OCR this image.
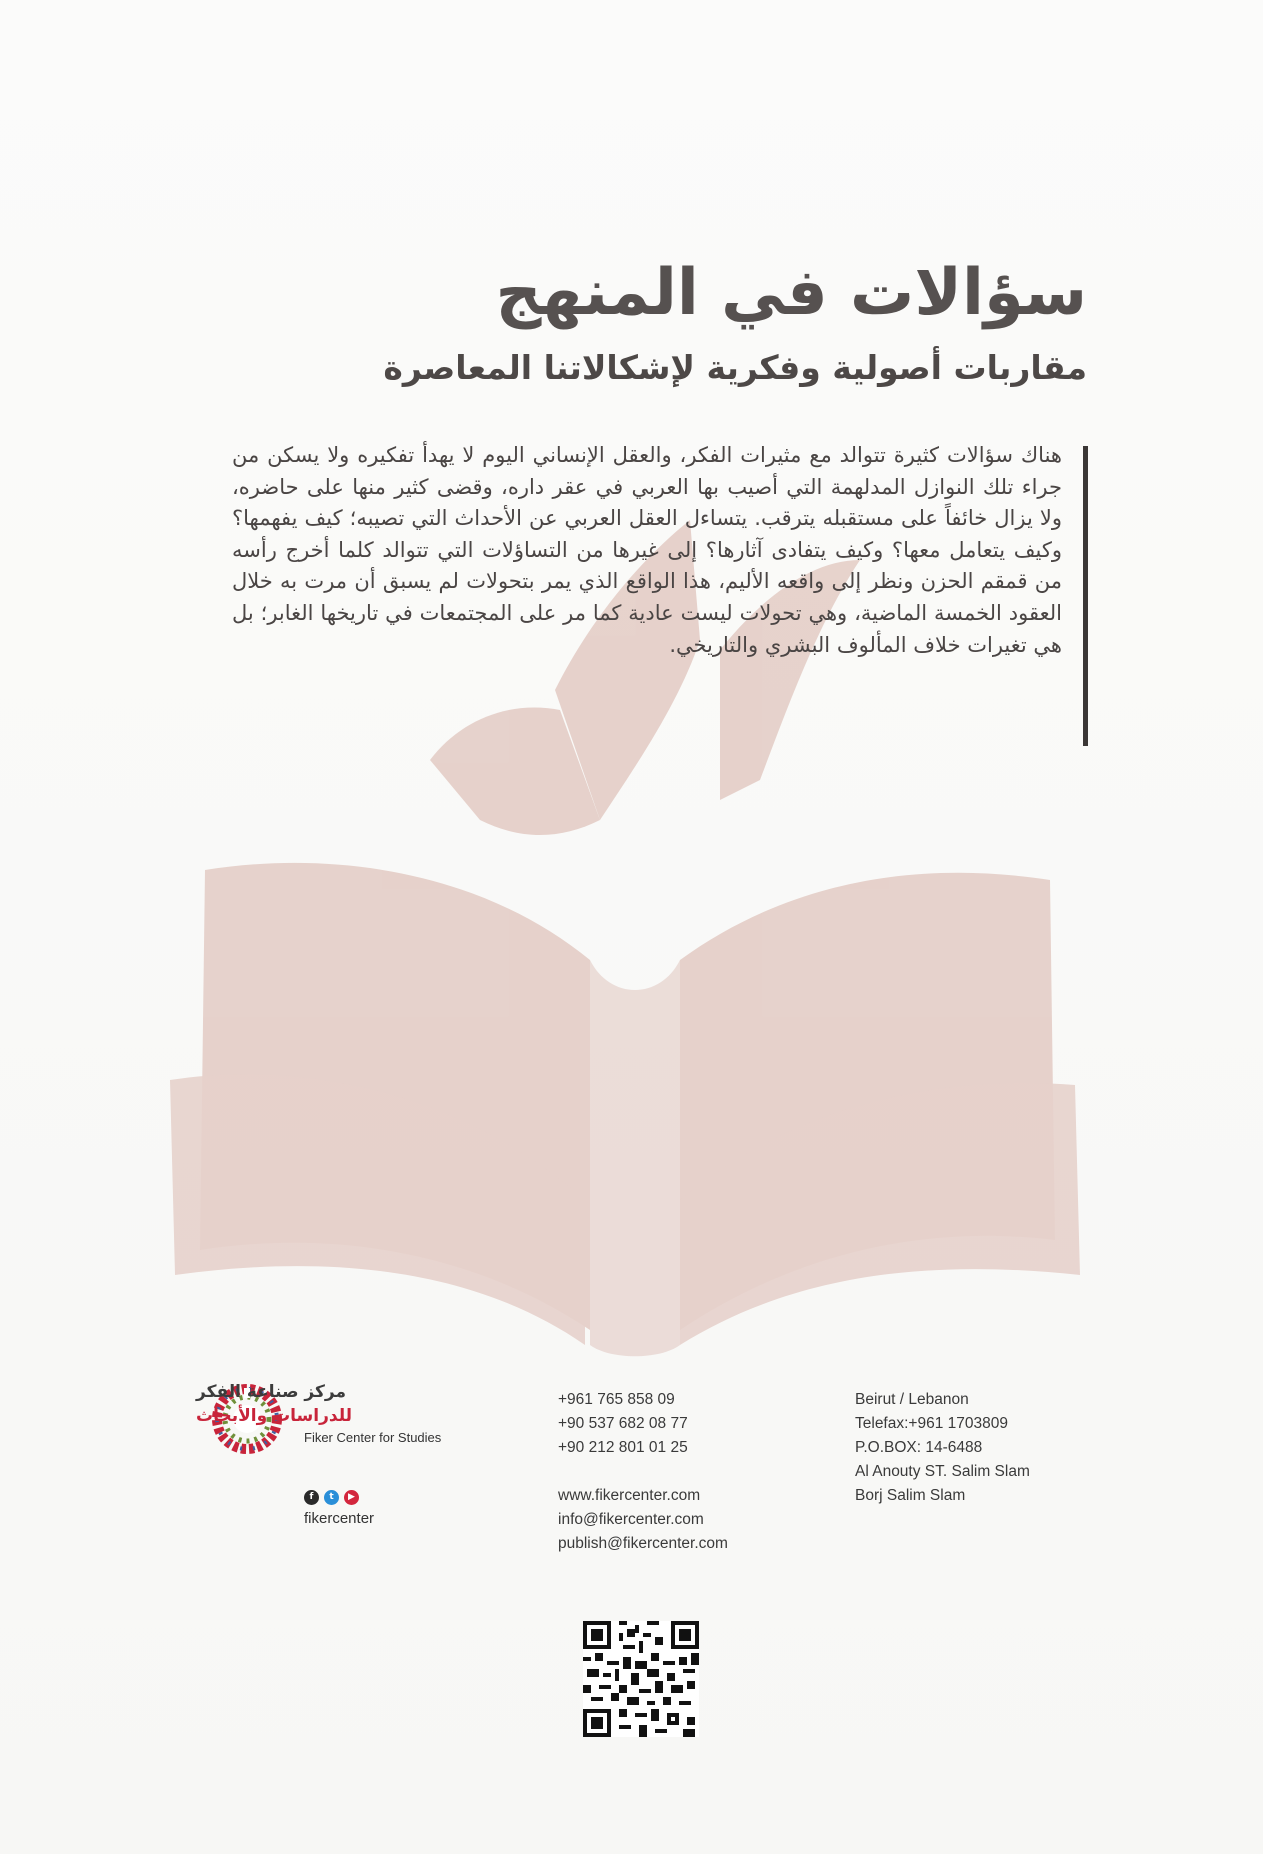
سؤالات في المنهج
مقاربات أصولية وفكرية لإشكالاتنا المعاصرة

هناك سؤالات كثيرة تتوالد مع مثيرات الفكر، والعقل الإنساني اليوم لا يهدأ تفكيره ولا يسكن من جراء تلك النوازل المدلهمة التي أصيب بها العربي في عقر داره، وقضى كثير منها على حاضره، ولا يزال خائفاً على مستقبله يترقب. يتساءل العقل العربي عن الأحداث التي تصيبه؛ كيف يفهمها؟ وكيف يتعامل معها؟ وكيف يتفادى آثارها؟ إلى غيرها من التساؤلات التي تتوالد كلما أخرج رأسه من قمقم الحزن ونظر إلى واقعه الأليم، هذا الواقع الذي يمر بتحولات لم يسبق أن مرت به خلال العقود الخمسة الماضية، وهي تحولات ليست عادية كما مر على المجتمعات في تاريخها الغابر؛ بل هي تغيرات خلاف المألوف البشري والتاريخي.

مركز صناعة الفكر
للدراسات والأبحاث
Fiker Center for Studies
f	t	▶
fikercenter
+961 765 858 09
+90 537 682 08 77
+90 212 801 01 25
www.fikercenter.com
info@fikercenter.com
publish@fikercenter.com
Beirut / Lebanon
Telefax:+961 1703809
P.O.BOX: 14-6488
Al Anouty ST. Salim Slam
Borj Salim Slam
